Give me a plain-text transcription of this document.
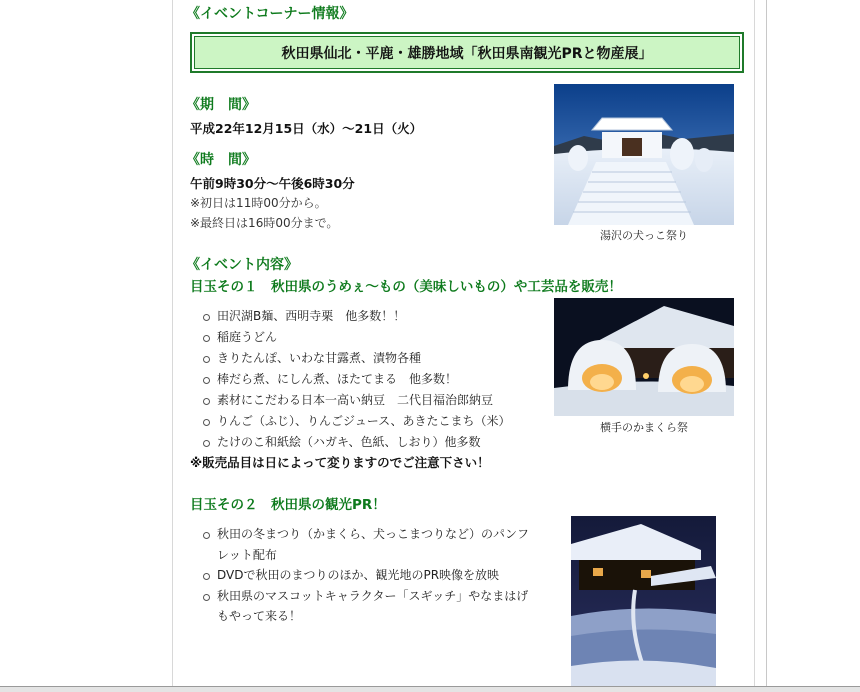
《イベントコーナー情報》
秋田県仙北・平鹿・雄勝地域「秋田県南観光PRと物産展」
《期　間》
平成22年12月15日（水）～21日（火）
《時　間》
午前9時30分～午後6時30分
※初日は11時00分から。
※最終日は16時00分まで。
湯沢の犬っこ祭り
《イベント内容》
目玉その１　秋田県のうめぇ～もの（美味しいもの）や工芸品を販売！
田沢湖B麺、西明寺栗　他多数！！
稲庭うどん
きりたんぽ、いわな甘露煮、漬物各種
棒だら煮、にしん煮、ほたてまる　他多数！
素材にこだわる日本一高い納豆　二代目福治郎納豆
りんご（ふじ）、りんごジュース、あきたこまち（米）
たけのこ和紙絵（ハガキ、色紙、しおり）他多数
※販売品目は日によって変りますのでご注意下さい！
横手のかまくら祭
目玉その２　秋田県の観光PR！
秋田の冬まつり（かまくら、犬っこまつりなど）のパンフレット配布
DVDで秋田のまつりのほか、観光地のPR映像を放映
秋田県のマスコットキャラクター「スギッチ」やなまはげもやって来る！
